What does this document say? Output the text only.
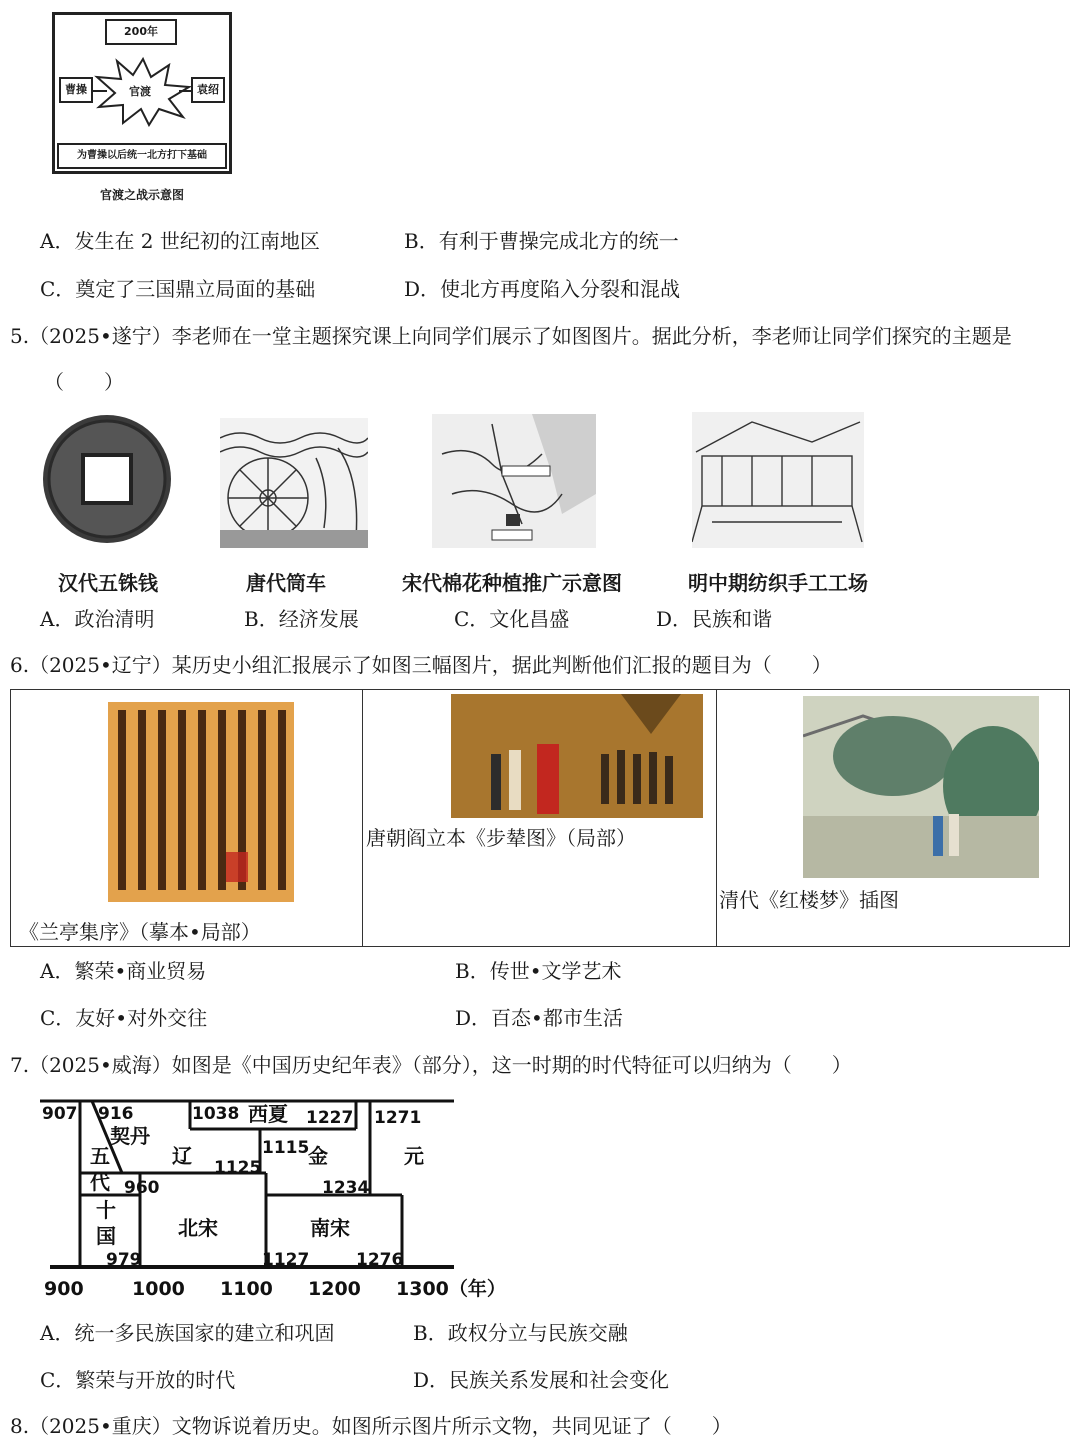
200年
曹操	袁绍
官渡
为曹操以后统一北方打下基础
官渡之战示意图
A．发生在 2 世纪初的江南地区	B．有利于曹操完成北方的统一
C．奠定了三国鼎立局面的基础	D．使北方再度陷入分裂和混战
5.（2025•遂宁）李老师在一堂主题探究课上向同学们展示了如图图片。据此分析，李老师让同学们探究的主题是
（　　）
汉代五铢钱	唐代筒车	宋代棉花种植推广示意图	明中期纺织手工工场
A．政治清明	B．经济发展	C．文化昌盛	D．民族和谐
6.（2025•辽宁）某历史小组汇报展示了如图三幅图片，据此判断他们汇报的题目为（　　）
《兰亭集序》（摹本•局部）
唐朝阎立本《步辇图》（局部）
清代《红楼梦》插图
A．繁荣•商业贸易	B．传世•文学艺术
C．友好•对外交往	D．百态•都市生活
7.（2025•威海）如图是《中国历史纪年表》（部分），这一时期的时代特征可以归纳为（　　）
907 916	1038 西夏 1227 1271
契丹	1115
辽	金	元
五
代
1125
960	1234
十
国	北宋	南宋
979	1127	1276
900	1000 1100 1200 1300（年）
A．统一多民族国家的建立和巩固	B．政权分立与民族交融
C．繁荣与开放的时代	D．民族关系发展和社会变化
8.（2025•重庆）文物诉说着历史。如图所示图片所示文物，共同见证了（　　）
